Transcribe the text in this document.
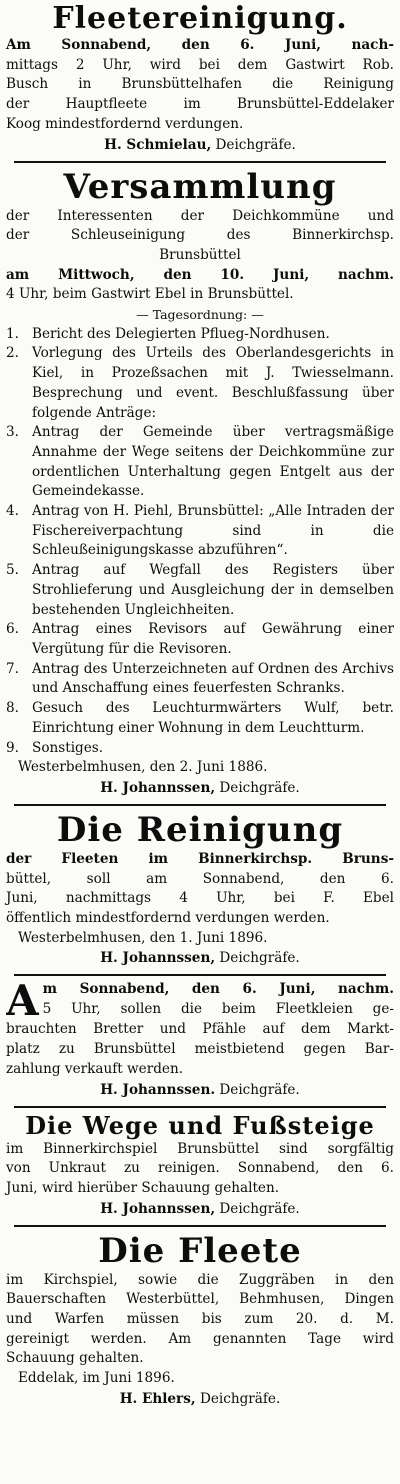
Fleetereinigung.
Am Sonnabend, den 6. Juni, nach-
mittags 2 Uhr, wird bei dem Gastwirt Rob.
Busch in Brunsbüttelhafen die Reinigung
der Hauptfleete im Brunsbüttel-Eddelaker
Koog mindestfordernd verdungen.
H. Schmielau, Deichgräfe.
Versammlung
der Interessenten der Deichkommüne und
der Schleuseinigung des Binnerkirchsp.
Brunsbüttel
am Mittwoch, den 10. Juni, nachm.
4 Uhr, beim Gastwirt Ebel in Brunsbüttel.
— Tagesordnung: —
1. Bericht des Delegierten Pflueg-Nordhusen.
2. Vorlegung des Urteils des Oberlandesgerichts in Kiel, in Prozeßsachen mit J. Twiesselmann. Besprechung und event. Beschlußfassung über folgende Anträge:
3. Antrag der Gemeinde über vertragsmäßige Annahme der Wege seitens der Deichkommüne zur ordentlichen Unterhaltung gegen Entgelt aus der Gemeindekasse.
4. Antrag von H. Piehl, Brunsbüttel: „Alle Intraden der Fischereiverpachtung sind in die Schleußeinigungskasse abzuführen“.
5. Antrag auf Wegfall des Registers über Strohlieferung und Ausgleichung der in demselben bestehenden Ungleichheiten.
6. Antrag eines Revisors auf Gewährung einer Vergütung für die Revisoren.
7. Antrag des Unterzeichneten auf Ordnen des Archivs und Anschaffung eines feuerfesten Schranks.
8. Gesuch des Leuchturmwärters Wulf, betr. Einrichtung einer Wohnung in dem Leuchtturm.
9. Sonstiges.
Westerbelmhusen, den 2. Juni 1886.
H. Johannssen, Deichgräfe.
Die Reinigung
der Fleeten im Binnerkirchsp. Bruns-
büttel, soll am Sonnabend, den 6.
Juni, nachmittags 4 Uhr, bei F. Ebel
öffentlich mindestfordernd verdungen werden.
Westerbelmhusen, den 1. Juni 1896.
H. Johannssen, Deichgräfe.
A m Sonnabend, den 6. Juni, nachm.
5 Uhr, sollen die beim Fleetkleien ge-
brauchten Bretter und Pfähle auf dem Markt-
platz zu Brunsbüttel meistbietend gegen Bar-
zahlung verkauft werden.
H. Johannssen. Deichgräfe.
Die Wege und Fußsteige
im Binnerkirchspiel Brunsbüttel sind sorgfältig
von Unkraut zu reinigen. Sonnabend, den 6.
Juni, wird hierüber Schauung gehalten.
H. Johannssen, Deichgräfe.
Die Fleete
im Kirchspiel, sowie die Zuggräben in den
Bauerschaften Westerbüttel, Behmhusen, Dingen
und Warfen müssen bis zum 20. d. M.
gereinigt werden. Am genannten Tage wird
Schauung gehalten.
Eddelak, im Juni 1896.
H. Ehlers, Deichgräfe.
